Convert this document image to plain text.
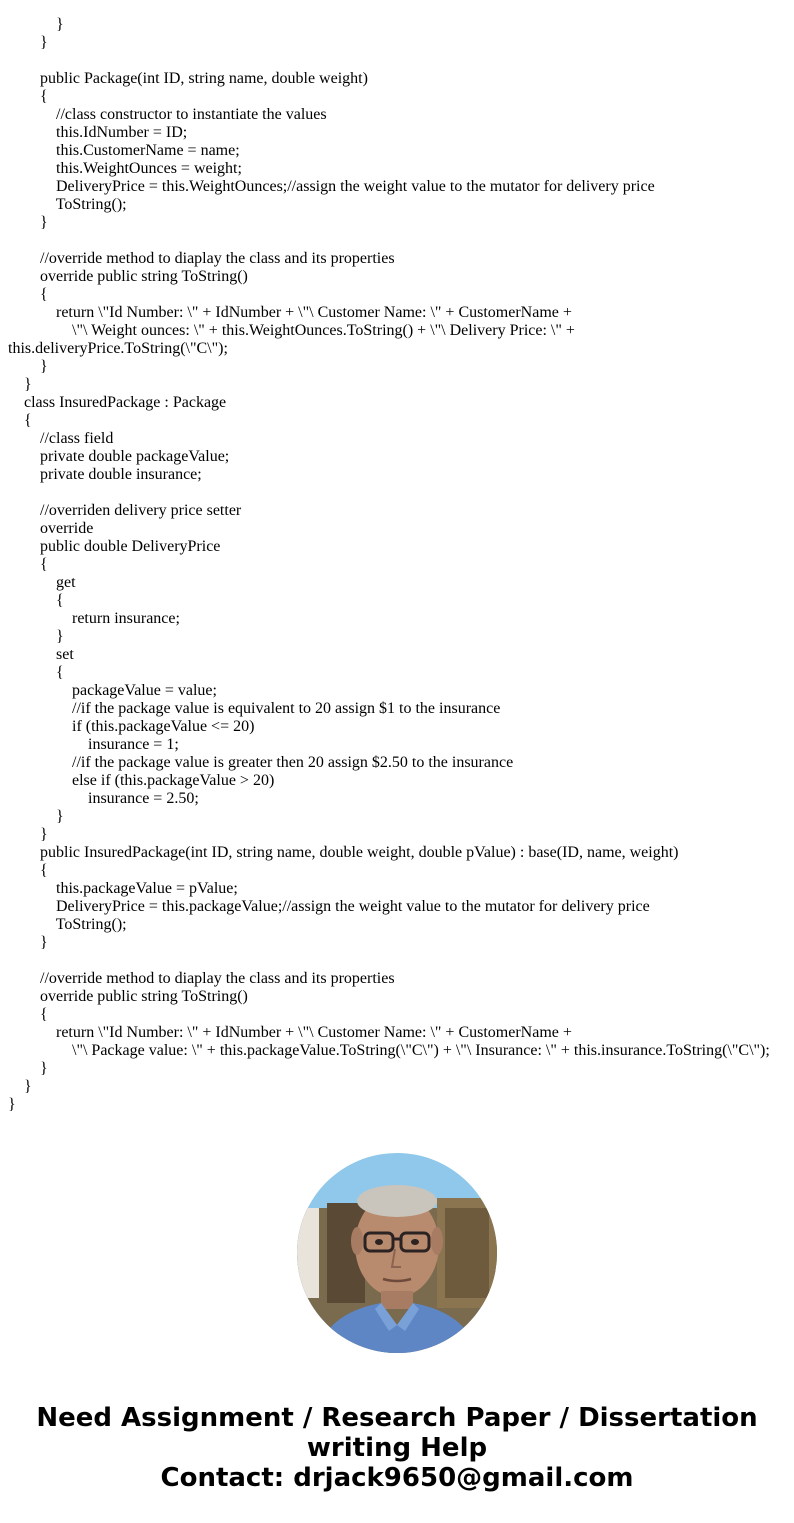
}
}
public Package(int ID, string name, double weight)
{
//class constructor to instantiate the values
this.IdNumber = ID;
this.CustomerName = name;
this.WeightOunces = weight;
DeliveryPrice = this.WeightOunces;//assign the weight value to the mutator for delivery price
ToString();
}
//override method to diaplay the class and its properties
override public string ToString()
{
return \"Id Number: \" + IdNumber + \"\ Customer Name: \" + CustomerName +
\"\ Weight ounces: \" + this.WeightOunces.ToString() + \"\ Delivery Price: \" +
this.deliveryPrice.ToString(\"C\");
}
}
class InsuredPackage : Package
{
//class field
private double packageValue;
private double insurance;
//overriden delivery price setter
override
public double DeliveryPrice
{
get
{
return insurance;
}
set
{
packageValue = value;
//if the package value is equivalent to 20 assign $1 to the insurance
if (this.packageValue <= 20)
insurance = 1;
//if the package value is greater then 20 assign $2.50 to the insurance
else if (this.packageValue > 20)
insurance = 2.50;
}
}
public InsuredPackage(int ID, string name, double weight, double pValue) : base(ID, name, weight)
{
this.packageValue = pValue;
DeliveryPrice = this.packageValue;//assign the weight value to the mutator for delivery price
ToString();
}
//override method to diaplay the class and its properties
override public string ToString()
{
return \"Id Number: \" + IdNumber + \"\ Customer Name: \" + CustomerName +
\"\ Package value: \" + this.packageValue.ToString(\"C\") + \"\ Insurance: \" + this.insurance.ToString(\"C\");
}
}
}
Need Assignment / Research Paper / Dissertation
writing Help
Contact: drjack9650@gmail.com
